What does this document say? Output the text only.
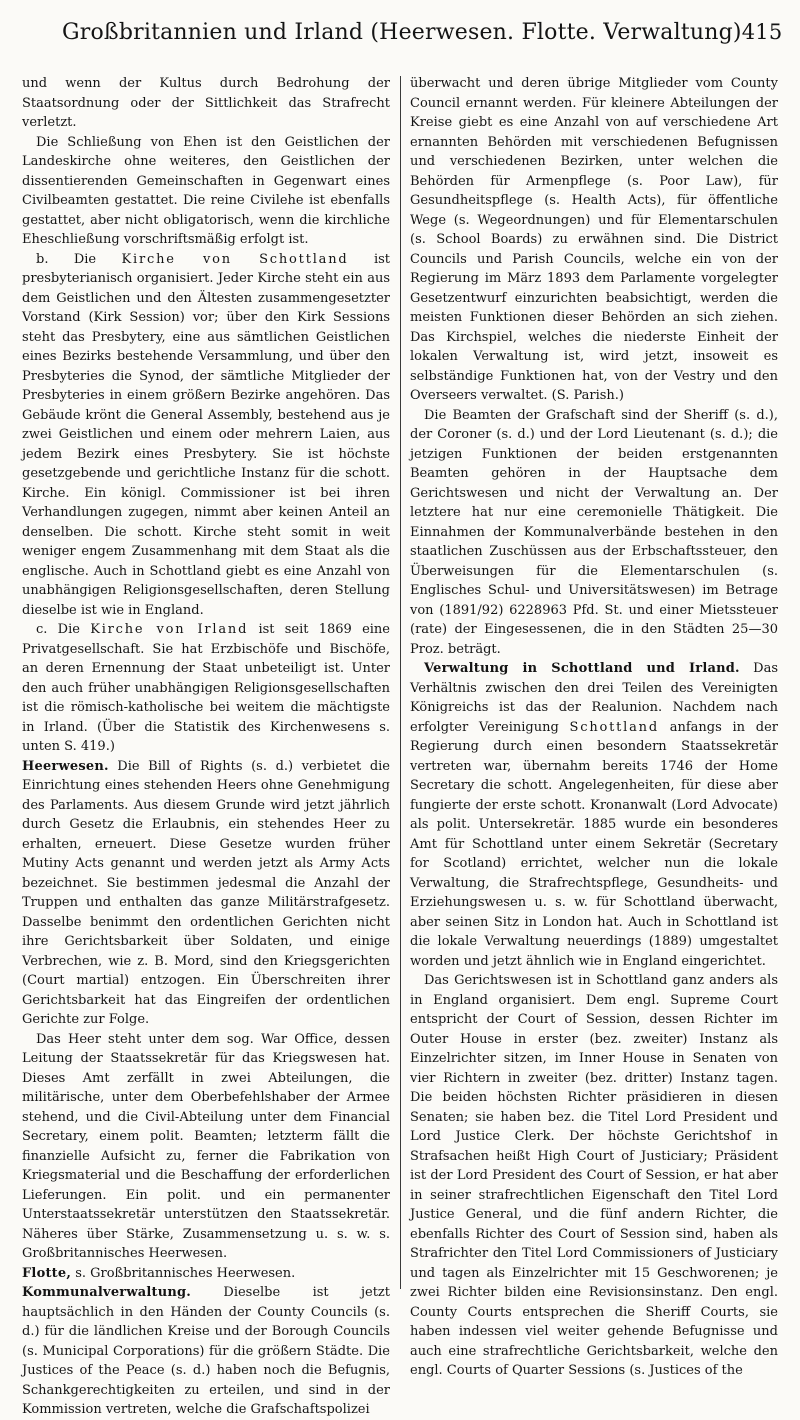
Großbritannien und Irland (Heerwesen. Flotte. Verwaltung) 415

und wenn der Kultus durch Bedrohung der Staatsordnung oder der Sittlichkeit das Strafrecht verletzt.

Die Schließung von Ehen ist den Geistlichen der Landeskirche ohne weiteres, den Geistlichen der dissentierenden Gemeinschaften in Gegenwart eines Civilbeamten gestattet. Die reine Civilehe ist ebenfalls gestattet, aber nicht obligatorisch, wenn die kirchliche Eheschließung vorschriftsmäßig erfolgt ist.

b. Die Kirche von Schottland ist presbyterianisch organisiert. Jeder Kirche steht ein aus dem Geistlichen und den Ältesten zusammengesetzter Vorstand (Kirk Session) vor; über den Kirk Sessions steht das Presbytery, eine aus sämtlichen Geistlichen eines Bezirks bestehende Versammlung, und über den Presbyteries die Synod, der sämtliche Mitglieder der Presbyteries in einem größern Bezirke angehören. Das Gebäude krönt die General Assembly, bestehend aus je zwei Geistlichen und einem oder mehrern Laien, aus jedem Bezirk eines Presbytery. Sie ist höchste gesetzgebende und gerichtliche Instanz für die schott. Kirche. Ein königl. Commissioner ist bei ihren Verhandlungen zugegen, nimmt aber keinen Anteil an denselben. Die schott. Kirche steht somit in weit weniger engem Zusammenhang mit dem Staat als die englische. Auch in Schottland giebt es eine Anzahl von unabhängigen Religionsgesellschaften, deren Stellung dieselbe ist wie in England.

c. Die Kirche von Irland ist seit 1869 eine Privatgesellschaft. Sie hat Erzbischöfe und Bischöfe, an deren Ernennung der Staat unbeteiligt ist. Unter den auch früher unabhängigen Religionsgesellschaften ist die römisch-katholische bei weitem die mächtigste in Irland. (Über die Statistik des Kirchenwesens s. unten S. 419.)

Heerwesen. Die Bill of Rights (s. d.) verbietet die Einrichtung eines stehenden Heers ohne Genehmigung des Parlaments. Aus diesem Grunde wird jetzt jährlich durch Gesetz die Erlaubnis, ein stehendes Heer zu erhalten, erneuert. Diese Gesetze wurden früher Mutiny Acts genannt und werden jetzt als Army Acts bezeichnet. Sie bestimmen jedesmal die Anzahl der Truppen und enthalten das ganze Militärstrafgesetz. Dasselbe benimmt den ordentlichen Gerichten nicht ihre Gerichtsbarkeit über Soldaten, und einige Verbrechen, wie z. B. Mord, sind den Kriegsgerichten (Court martial) entzogen. Ein Überschreiten ihrer Gerichtsbarkeit hat das Eingreifen der ordentlichen Gerichte zur Folge.

Das Heer steht unter dem sog. War Office, dessen Leitung der Staatssekretär für das Kriegswesen hat. Dieses Amt zerfällt in zwei Abteilungen, die militärische, unter dem Oberbefehlshaber der Armee stehend, und die Civil-Abteilung unter dem Financial Secretary, einem polit. Beamten; letzterm fällt die finanzielle Aufsicht zu, ferner die Fabrikation von Kriegsmaterial und die Beschaffung der erforderlichen Lieferungen. Ein polit. und ein permanenter Unterstaatssekretär unterstützen den Staatssekretär. Näheres über Stärke, Zusammensetzung u. s. w. s. Großbritannisches Heerwesen.

Flotte, s. Großbritannisches Heerwesen.

Kommunalverwaltung. Dieselbe ist jetzt hauptsächlich in den Händen der County Councils (s. d.) für die ländlichen Kreise und der Borough Councils (s. Municipal Corporations) für die größern Städte. Die Justices of the Peace (s. d.) haben noch die Befugnis, Schankgerechtigkeiten zu erteilen, und sind in der Kommission vertreten, welche die Grafschaftspolizei

überwacht und deren übrige Mitglieder vom County Council ernannt werden. Für kleinere Abteilungen der Kreise giebt es eine Anzahl von auf verschiedene Art ernannten Behörden mit verschiedenen Befugnissen und verschiedenen Bezirken, unter welchen die Behörden für Armenpflege (s. Poor Law), für Gesundheitspflege (s. Health Acts), für öffentliche Wege (s. Wegeordnungen) und für Elementarschulen (s. School Boards) zu erwähnen sind. Die District Councils und Parish Councils, welche ein von der Regierung im März 1893 dem Parlamente vorgelegter Gesetzentwurf einzurichten beabsichtigt, werden die meisten Funktionen dieser Behörden an sich ziehen. Das Kirchspiel, welches die niederste Einheit der lokalen Verwaltung ist, wird jetzt, insoweit es selbständige Funktionen hat, von der Vestry und den Overseers verwaltet. (S. Parish.)

Die Beamten der Grafschaft sind der Sheriff (s. d.), der Coroner (s. d.) und der Lord Lieutenant (s. d.); die jetzigen Funktionen der beiden erstgenannten Beamten gehören in der Hauptsache dem Gerichtswesen und nicht der Verwaltung an. Der letztere hat nur eine ceremonielle Thätigkeit. Die Einnahmen der Kommunalverbände bestehen in den staatlichen Zuschüssen aus der Erbschaftssteuer, den Überweisungen für die Elementarschulen (s. Englisches Schul- und Universitätswesen) im Betrage von (1891/92) 6228963 Pfd. St. und einer Mietssteuer (rate) der Eingesessenen, die in den Städten 25—30 Proz. beträgt.

Verwaltung in Schottland und Irland. Das Verhältnis zwischen den drei Teilen des Vereinigten Königreichs ist das der Realunion. Nachdem nach erfolgter Vereinigung Schottland anfangs in der Regierung durch einen besondern Staatssekretär vertreten war, übernahm bereits 1746 der Home Secretary die schott. Angelegenheiten, für diese aber fungierte der erste schott. Kronanwalt (Lord Advocate) als polit. Untersekretär. 1885 wurde ein besonderes Amt für Schottland unter einem Sekretär (Secretary for Scotland) errichtet, welcher nun die lokale Verwaltung, die Strafrechtspflege, Gesundheits- und Erziehungswesen u. s. w. für Schottland überwacht, aber seinen Sitz in London hat. Auch in Schottland ist die lokale Verwaltung neuerdings (1889) umgestaltet worden und jetzt ähnlich wie in England eingerichtet.

Das Gerichtswesen ist in Schottland ganz anders als in England organisiert. Dem engl. Supreme Court entspricht der Court of Session, dessen Richter im Outer House in erster (bez. zweiter) Instanz als Einzelrichter sitzen, im Inner House in Senaten von vier Richtern in zweiter (bez. dritter) Instanz tagen. Die beiden höchsten Richter präsidieren in diesen Senaten; sie haben bez. die Titel Lord President und Lord Justice Clerk. Der höchste Gerichtshof in Strafsachen heißt High Court of Justiciary; Präsident ist der Lord President des Court of Session, er hat aber in seiner strafrechtlichen Eigenschaft den Titel Lord Justice General, und die fünf andern Richter, die ebenfalls Richter des Court of Session sind, haben als Strafrichter den Titel Lord Commissioners of Justiciary und tagen als Einzelrichter mit 15 Geschworenen; je zwei Richter bilden eine Revisionsinstanz. Den engl. County Courts entsprechen die Sheriff Courts, sie haben indessen viel weiter gehende Befugnisse und auch eine strafrechtliche Gerichtsbarkeit, welche den engl. Courts of Quarter Sessions (s. Justices of the
